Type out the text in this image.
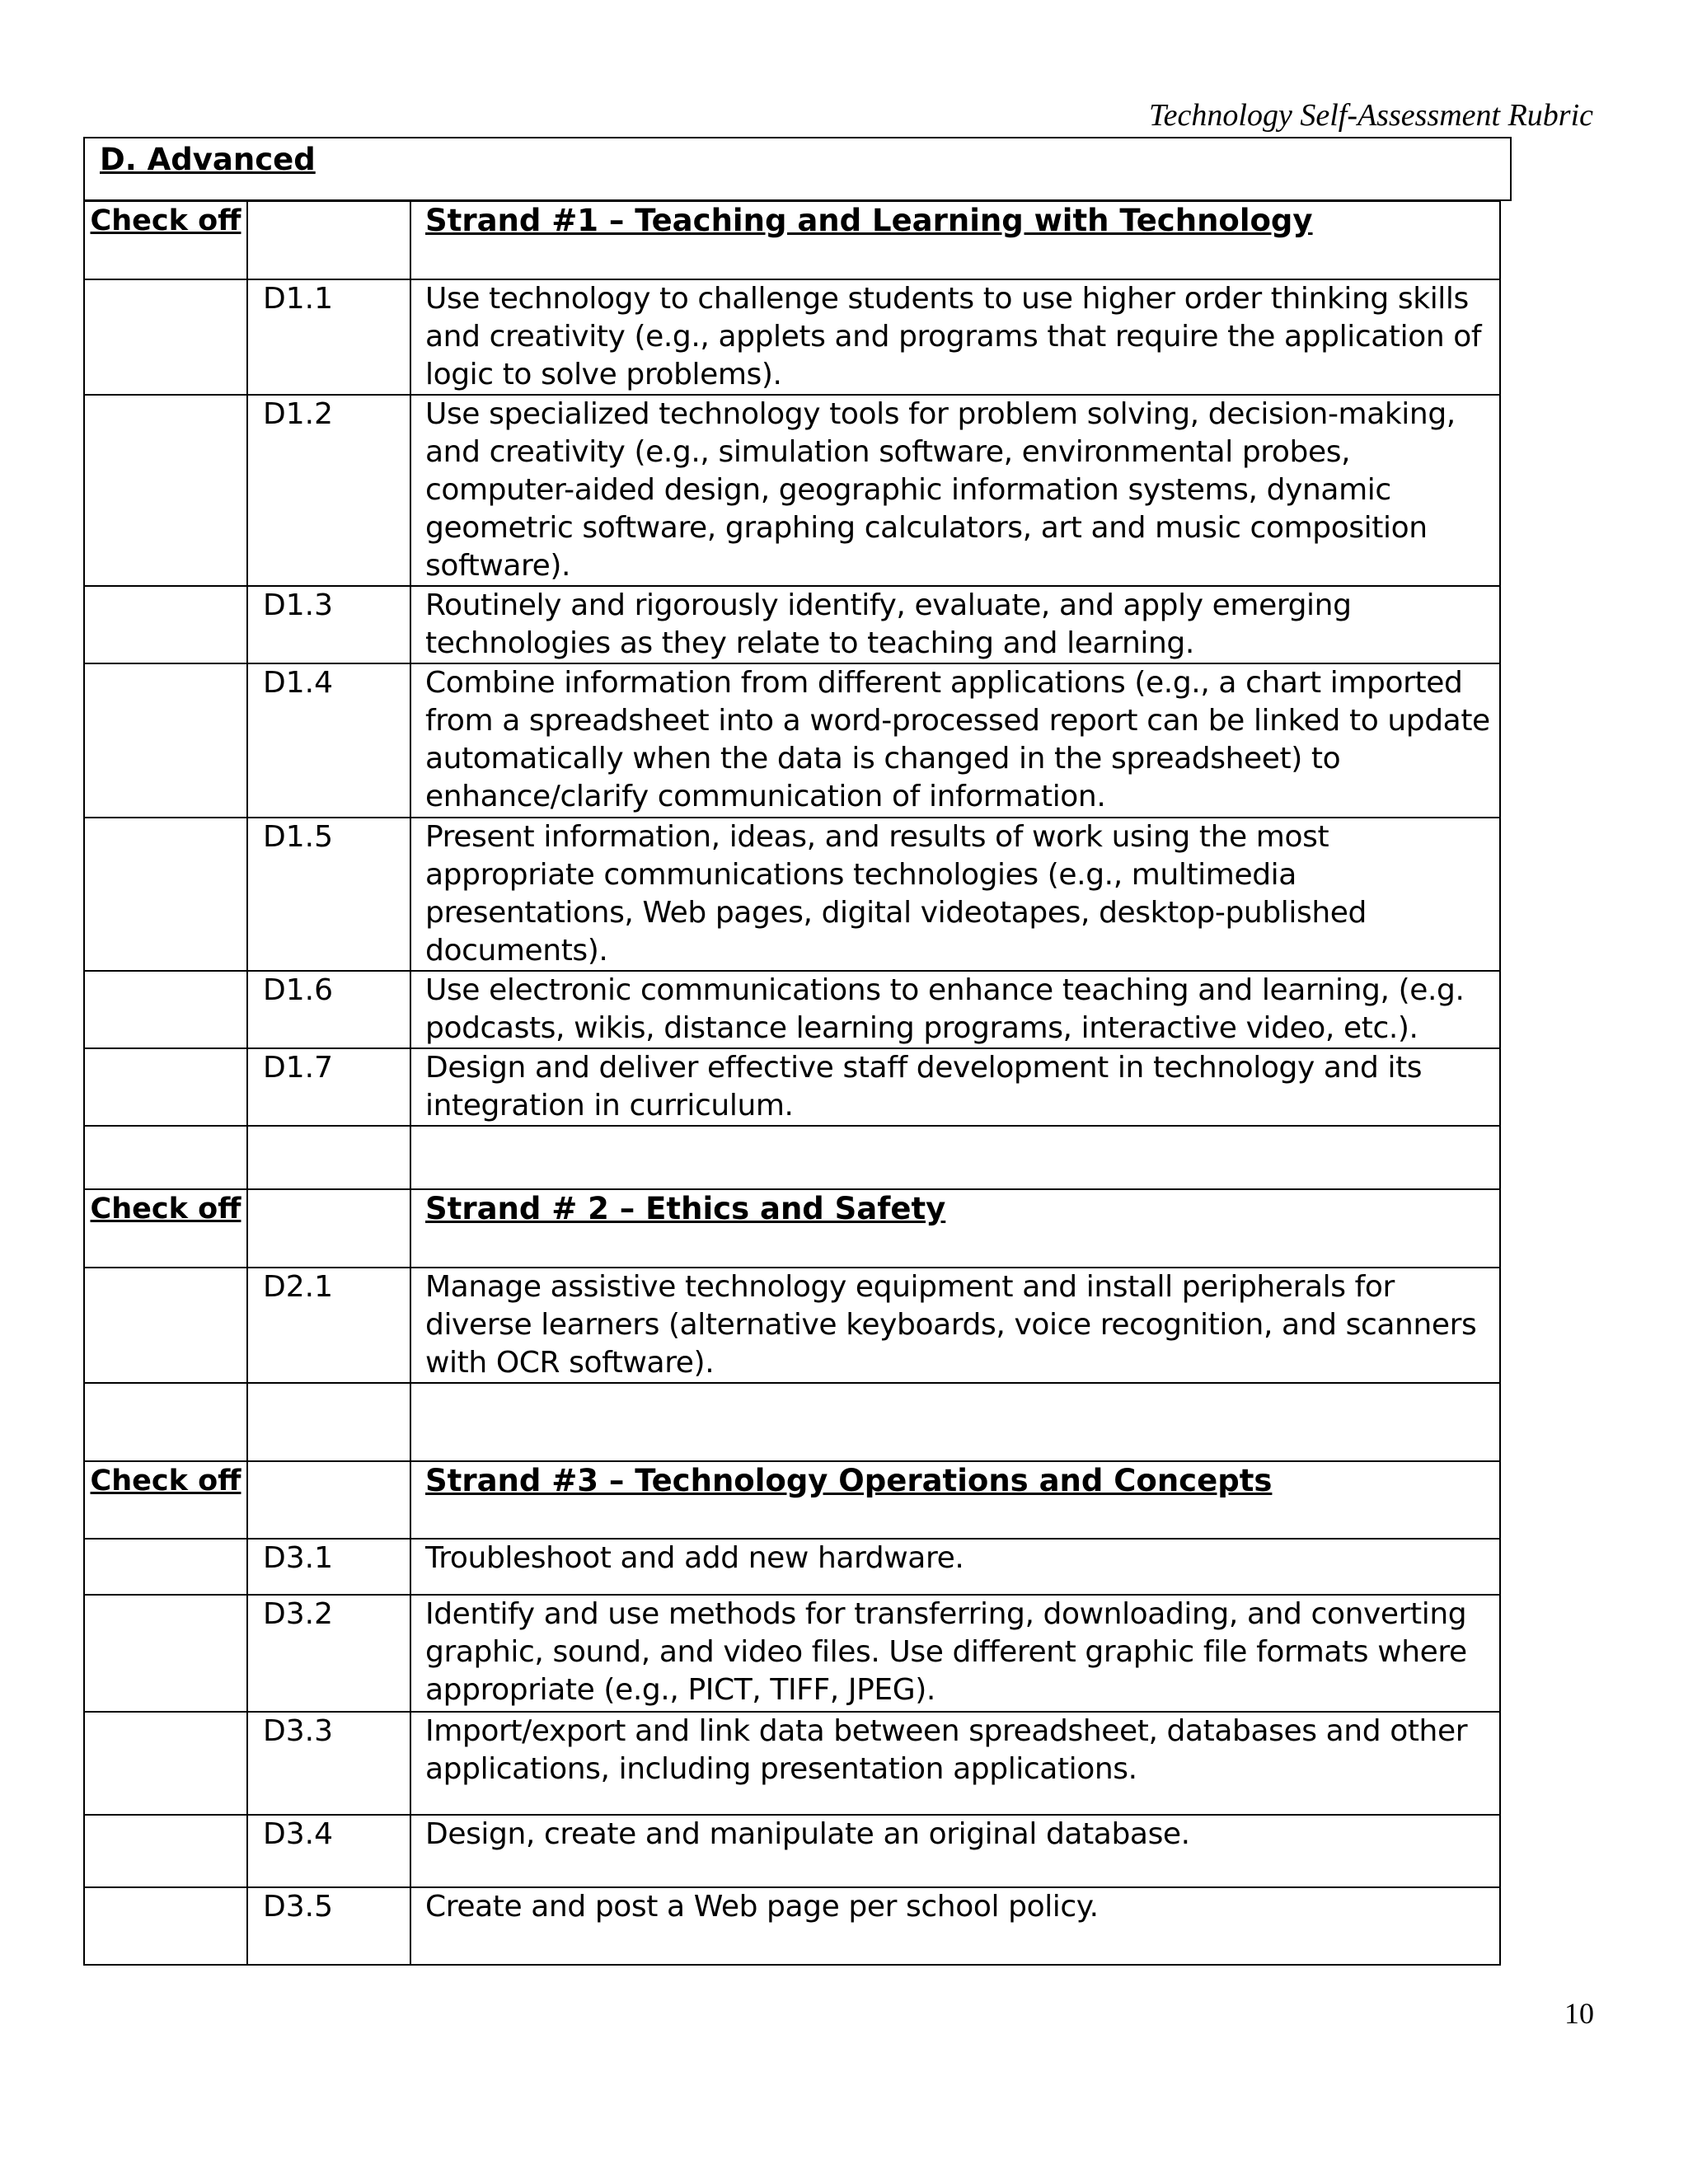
Technology Self-Assessment Rubric
D. Advanced
Check off		Strand #1 – Teaching and Learning with Technology
	D1.1	Use technology to challenge students to use higher order thinking skills and creativity (e.g., applets and programs that require the application of logic to solve problems).
	D1.2	Use specialized technology tools for problem solving, decision-making, and creativity (e.g., simulation software, environmental probes, computer-aided design, geographic information systems, dynamic geometric software, graphing calculators, art and music composition software).
	D1.3	Routinely and rigorously identify, evaluate, and apply emerging technologies as they relate to teaching and learning.
	D1.4	Combine information from different applications (e.g., a chart imported from a spreadsheet into a word-processed report can be linked to update automatically when the data is changed in the spreadsheet) to enhance/clarify communication of information.
	D1.5	Present information, ideas, and results of work using the most appropriate communications technologies (e.g., multimedia presentations, Web pages, digital videotapes, desktop-published documents).
	D1.6	Use electronic communications to enhance teaching and learning, (e.g. podcasts, wikis, distance learning programs, interactive video, etc.).
	D1.7	Design and deliver effective staff development in technology and its integration in curriculum.

Check off		Strand # 2 – Ethics and Safety
	D2.1	Manage assistive technology equipment and install peripherals for diverse learners (alternative keyboards, voice recognition, and scanners with OCR software).

Check off		Strand #3 – Technology Operations and Concepts
	D3.1	Troubleshoot and add new hardware.
	D3.2	Identify and use methods for transferring, downloading, and converting graphic, sound, and video files. Use different graphic file formats where appropriate (e.g., PICT, TIFF, JPEG).
	D3.3	Import/export and link data between spreadsheet, databases and other applications, including presentation applications.
	D3.4	Design, create and manipulate an original database.
	D3.5	Create and post a Web page per school policy.
10
